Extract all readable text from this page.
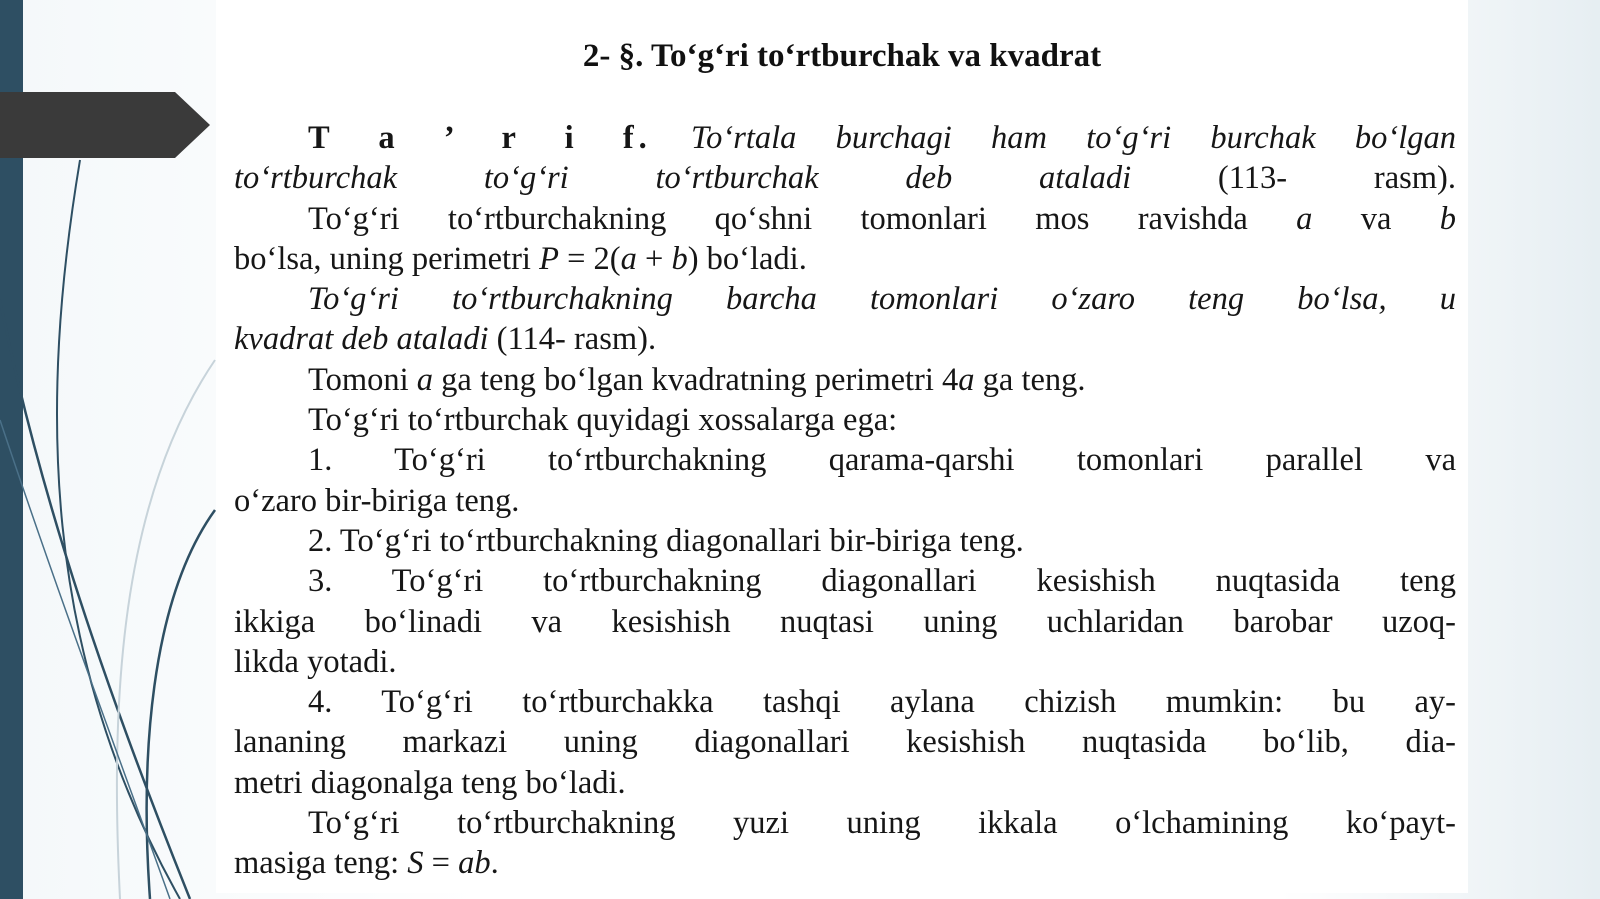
2- §. To‘g‘ri to‘rtburchak va kvadrat
T a ’ r i f. To‘rtala burchagi ham to‘g‘ri burchak bo‘lgan
to‘rtburchak to‘g‘ri to‘rtburchak deb ataladi (113- rasm).
To‘g‘ri to‘rtburchakning qo‘shni tomonlari mos ravishda a va b
bo‘lsa, uning perimetri P = 2(a + b) bo‘ladi.
To‘g‘ri to‘rtburchakning barcha tomonlari o‘zaro teng bo‘lsa, u
kvadrat deb ataladi (114- rasm).
Tomoni a ga teng bo‘lgan kvadratning perimetri 4a ga teng.
To‘g‘ri to‘rtburchak quyidagi xossalarga ega:
1. To‘g‘ri to‘rtburchakning qarama-qarshi tomonlari parallel va
o‘zaro bir-biriga teng.
2. To‘g‘ri to‘rtburchakning diagonallari bir-biriga teng.
3. To‘g‘ri to‘rtburchakning diagonallari kesishish nuqtasida teng
ikkiga bo‘linadi va kesishish nuqtasi uning uchlaridan barobar uzoq-
likda yotadi.
4. To‘g‘ri to‘rtburchakka tashqi aylana chizish mumkin: bu ay-
lananing markazi uning diagonallari kesishish nuqtasida bo‘lib, dia-
metri diagonalga teng bo‘ladi.
To‘g‘ri to‘rtburchakning yuzi uning ikkala o‘lchamining ko‘payt-
masiga teng: S = ab.
